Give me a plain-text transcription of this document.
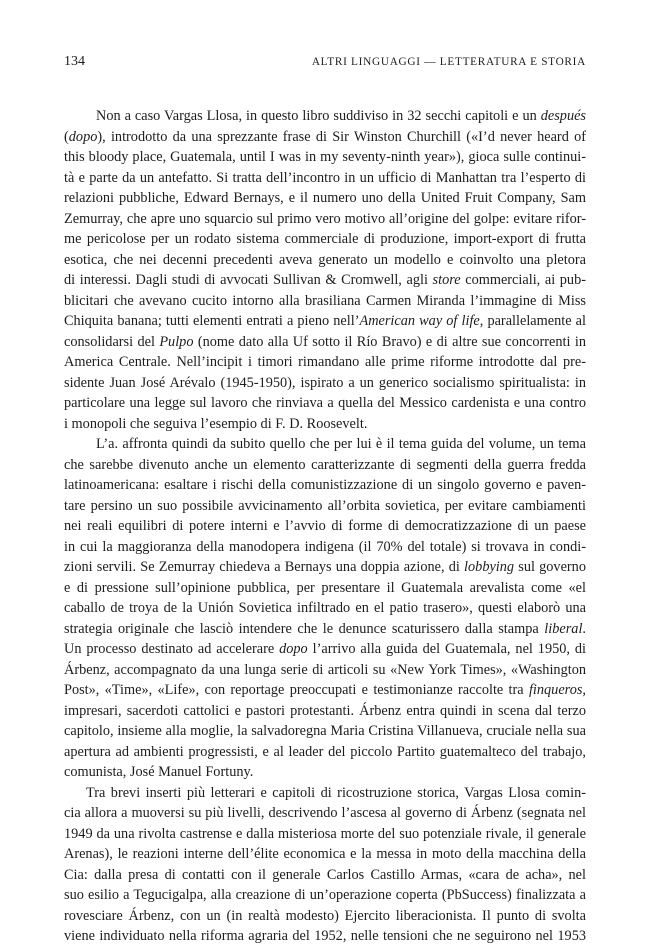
134	ALTRI LINGUAGGI — LETTERATURA E STORIA
Non a caso Vargas Llosa, in questo libro suddiviso in 32 secchi capitoli e un después
(dopo), introdotto da una sprezzante frase di Sir Winston Churchill («I’d never heard of
this bloody place, Guatemala, until I was in my seventy-ninth year»), gioca sulle continui-
tà e parte da un antefatto. Si tratta dell’incontro in un ufficio di Manhattan tra l’esperto di
relazioni pubbliche, Edward Bernays, e il numero uno della United Fruit Company, Sam
Zemurray, che apre uno squarcio sul primo vero motivo all’origine del golpe: evitare rifor-
me pericolose per un rodato sistema commerciale di produzione, import-export di frutta
esotica, che nei decenni precedenti aveva generato un modello e coinvolto una pletora
di interessi. Dagli studi di avvocati Sullivan & Cromwell, agli store commerciali, ai pub-
blicitari che avevano cucito intorno alla brasiliana Carmen Miranda l’immagine di Miss
Chiquita banana; tutti elementi entrati a pieno nell’American way of life, parallelamente al
consolidarsi del Pulpo (nome dato alla Uf sotto il Río Bravo) e di altre sue concorrenti in
America Centrale. Nell’incipit i timori rimandano alle prime riforme introdotte dal pre-
sidente Juan José Arévalo (1945-1950), ispirato a un generico socialismo spiritualista: in
particolare una legge sul lavoro che rinviava a quella del Messico cardenista e una contro
i monopoli che seguiva l’esempio di F. D. Roosevelt.
L’a. affronta quindi da subito quello che per lui è il tema guida del volume, un tema
che sarebbe divenuto anche un elemento caratterizzante di segmenti della guerra fredda
latinoamericana: esaltare i rischi della comunistizzazione di un singolo governo e paven-
tare persino un suo possibile avvicinamento all’orbita sovietica, per evitare cambiamenti
nei reali equilibri di potere interni e l’avvio di forme di democratizzazione di un paese
in cui la maggioranza della manodopera indigena (il 70% del totale) si trovava in condi-
zioni servili. Se Zemurray chiedeva a Bernays una doppia azione, di lobbying sul governo
e di pressione sull’opinione pubblica, per presentare il Guatemala arevalista come «el
caballo de troya de la Unión Sovietica infiltrado en el patio trasero», questi elaborò una
strategia originale che lasciò intendere che le denunce scaturissero dalla stampa liberal.
Un processo destinato ad accelerare dopo l’arrivo alla guida del Guatemala, nel 1950, di
Árbenz, accompagnato da una lunga serie di articoli su «New York Times», «Washington
Post», «Time», «Life», con reportage preoccupati e testimonianze raccolte tra finqueros,
impresari, sacerdoti cattolici e pastori protestanti. Árbenz entra quindi in scena dal terzo
capitolo, insieme alla moglie, la salvadoregna Maria Cristina Villanueva, cruciale nella sua
apertura ad ambienti progressisti, e al leader del piccolo Partito guatemalteco del trabajo,
comunista, José Manuel Fortuny.
Tra brevi inserti più letterari e capitoli di ricostruzione storica, Vargas Llosa comin-
cia allora a muoversi su più livelli, descrivendo l’ascesa al governo di Árbenz (segnata nel
1949 da una rivolta castrense e dalla misteriosa morte del suo potenziale rivale, il generale
Arenas), le reazioni interne dell’élite economica e la messa in moto della macchina della
Cia: dalla presa di contatti con il generale Carlos Castillo Armas, «cara de acha», nel
suo esilio a Tegucigalpa, alla creazione di un’operazione coperta (PbSuccess) finalizzata a
rovesciare Árbenz, con un (in realtà modesto) Ejercito liberacionista. Il punto di svolta
viene individuato nella riforma agraria del 1952, nelle tensioni che ne seguirono nel 1953
